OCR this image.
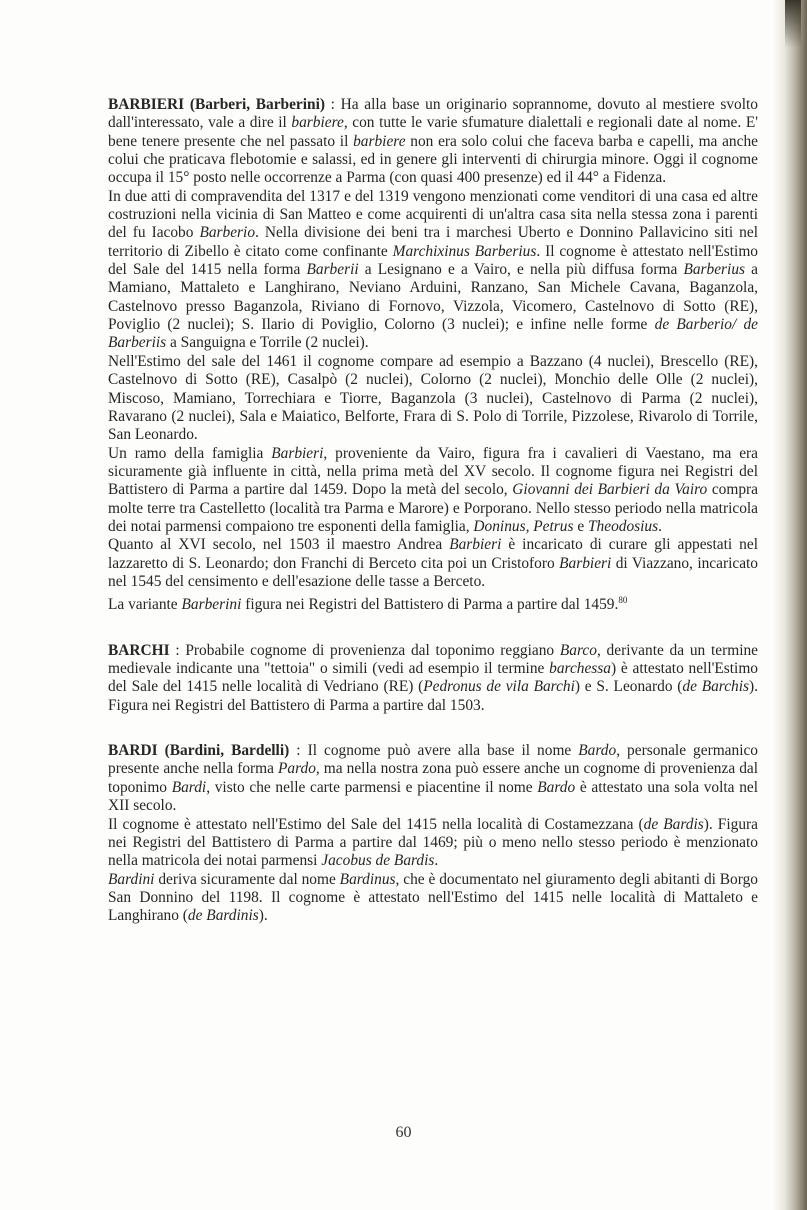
BARBIERI (Barberi, Barberini) : Ha alla base un originario soprannome, dovuto al mestiere svolto dall'interessato, vale a dire il barbiere, con tutte le varie sfumature dialettali e regionali date al nome. E' bene tenere presente che nel passato il barbiere non era solo colui che faceva barba e capelli, ma anche colui che praticava flebotomie e salassi, ed in genere gli interventi di chirurgia minore. Oggi il cognome occupa il 15° posto nelle occorrenze a Parma (con quasi 400 presenze) ed il 44° a Fidenza.

In due atti di compravendita del 1317 e del 1319 vengono menzionati come venditori di una casa ed altre costruzioni nella vicinia di San Matteo e come acquirenti di un'altra casa sita nella stessa zona i parenti del fu Iacobo Barberio. Nella divisione dei beni tra i marchesi Uberto e Donnino Pallavicino siti nel territorio di Zibello è citato come confinante Marchixinus Barberius. Il cognome è attestato nell'Estimo del Sale del 1415 nella forma Barberii a Lesignano e a Vairo, e nella più diffusa forma Barberius a Mamiano, Mattaleto e Langhirano, Neviano Arduini, Ranzano, San Michele Cavana, Baganzola, Castelnovo presso Baganzola, Riviano di Fornovo, Vizzola, Vicomero, Castelnovo di Sotto (RE), Poviglio (2 nuclei); S. Ilario di Poviglio, Colorno (3 nuclei); e infine nelle forme de Barberio/ de Barberiis a Sanguigna e Torrile (2 nuclei).

Nell'Estimo del sale del 1461 il cognome compare ad esempio a Bazzano (4 nuclei), Brescello (RE), Castelnovo di Sotto (RE), Casalpò (2 nuclei), Colorno (2 nuclei), Monchio delle Olle (2 nuclei), Miscoso, Mamiano, Torrechiara e Tiorre, Baganzola (3 nuclei), Castelnovo di Parma (2 nuclei), Ravarano (2 nuclei), Sala e Maiatico, Belforte, Frara di S. Polo di Torrile, Pizzolese, Rivarolo di Torrile, San Leonardo.

Un ramo della famiglia Barbieri, proveniente da Vairo, figura fra i cavalieri di Vaestano, ma era sicuramente già influente in città, nella prima metà del XV secolo. Il cognome figura nei Registri del Battistero di Parma a partire dal 1459. Dopo la metà del secolo, Giovanni dei Barbieri da Vairo compra molte terre tra Castelletto (località tra Parma e Marore) e Porporano. Nello stesso periodo nella matricola dei notai parmensi compaiono tre esponenti della famiglia, Doninus, Petrus e Theodosius.

Quanto al XVI secolo, nel 1503 il maestro Andrea Barbieri è incaricato di curare gli appestati nel lazzaretto di S. Leonardo; don Franchi di Berceto cita poi un Cristoforo Barbieri di Viazzano, incaricato nel 1545 del censimento e dell'esazione delle tasse a Berceto.

La variante Barberini figura nei Registri del Battistero di Parma a partire dal 1459.80

BARCHI : Probabile cognome di provenienza dal toponimo reggiano Barco, derivante da un termine medievale indicante una "tettoia" o simili (vedi ad esempio il termine barchessa) è attestato nell'Estimo del Sale del 1415 nelle località di Vedriano (RE) (Pedronus de vila Barchi) e S. Leonardo (de Barchis). Figura nei Registri del Battistero di Parma a partire dal 1503.

BARDI (Bardini, Bardelli) : Il cognome può avere alla base il nome Bardo, personale germanico presente anche nella forma Pardo, ma nella nostra zona può essere anche un cognome di provenienza dal toponimo Bardi, visto che nelle carte parmensi e piacentine il nome Bardo è attestato una sola volta nel XII secolo.

Il cognome è attestato nell'Estimo del Sale del 1415 nella località di Costamezzana (de Bardis). Figura nei Registri del Battistero di Parma a partire dal 1469; più o meno nello stesso periodo è menzionato nella matricola dei notai parmensi Jacobus de Bardis.

Bardini deriva sicuramente dal nome Bardinus, che è documentato nel giuramento degli abitanti di Borgo San Donnino del 1198. Il cognome è attestato nell'Estimo del 1415 nelle località di Mattaleto e Langhirano (de Bardinis).

60
